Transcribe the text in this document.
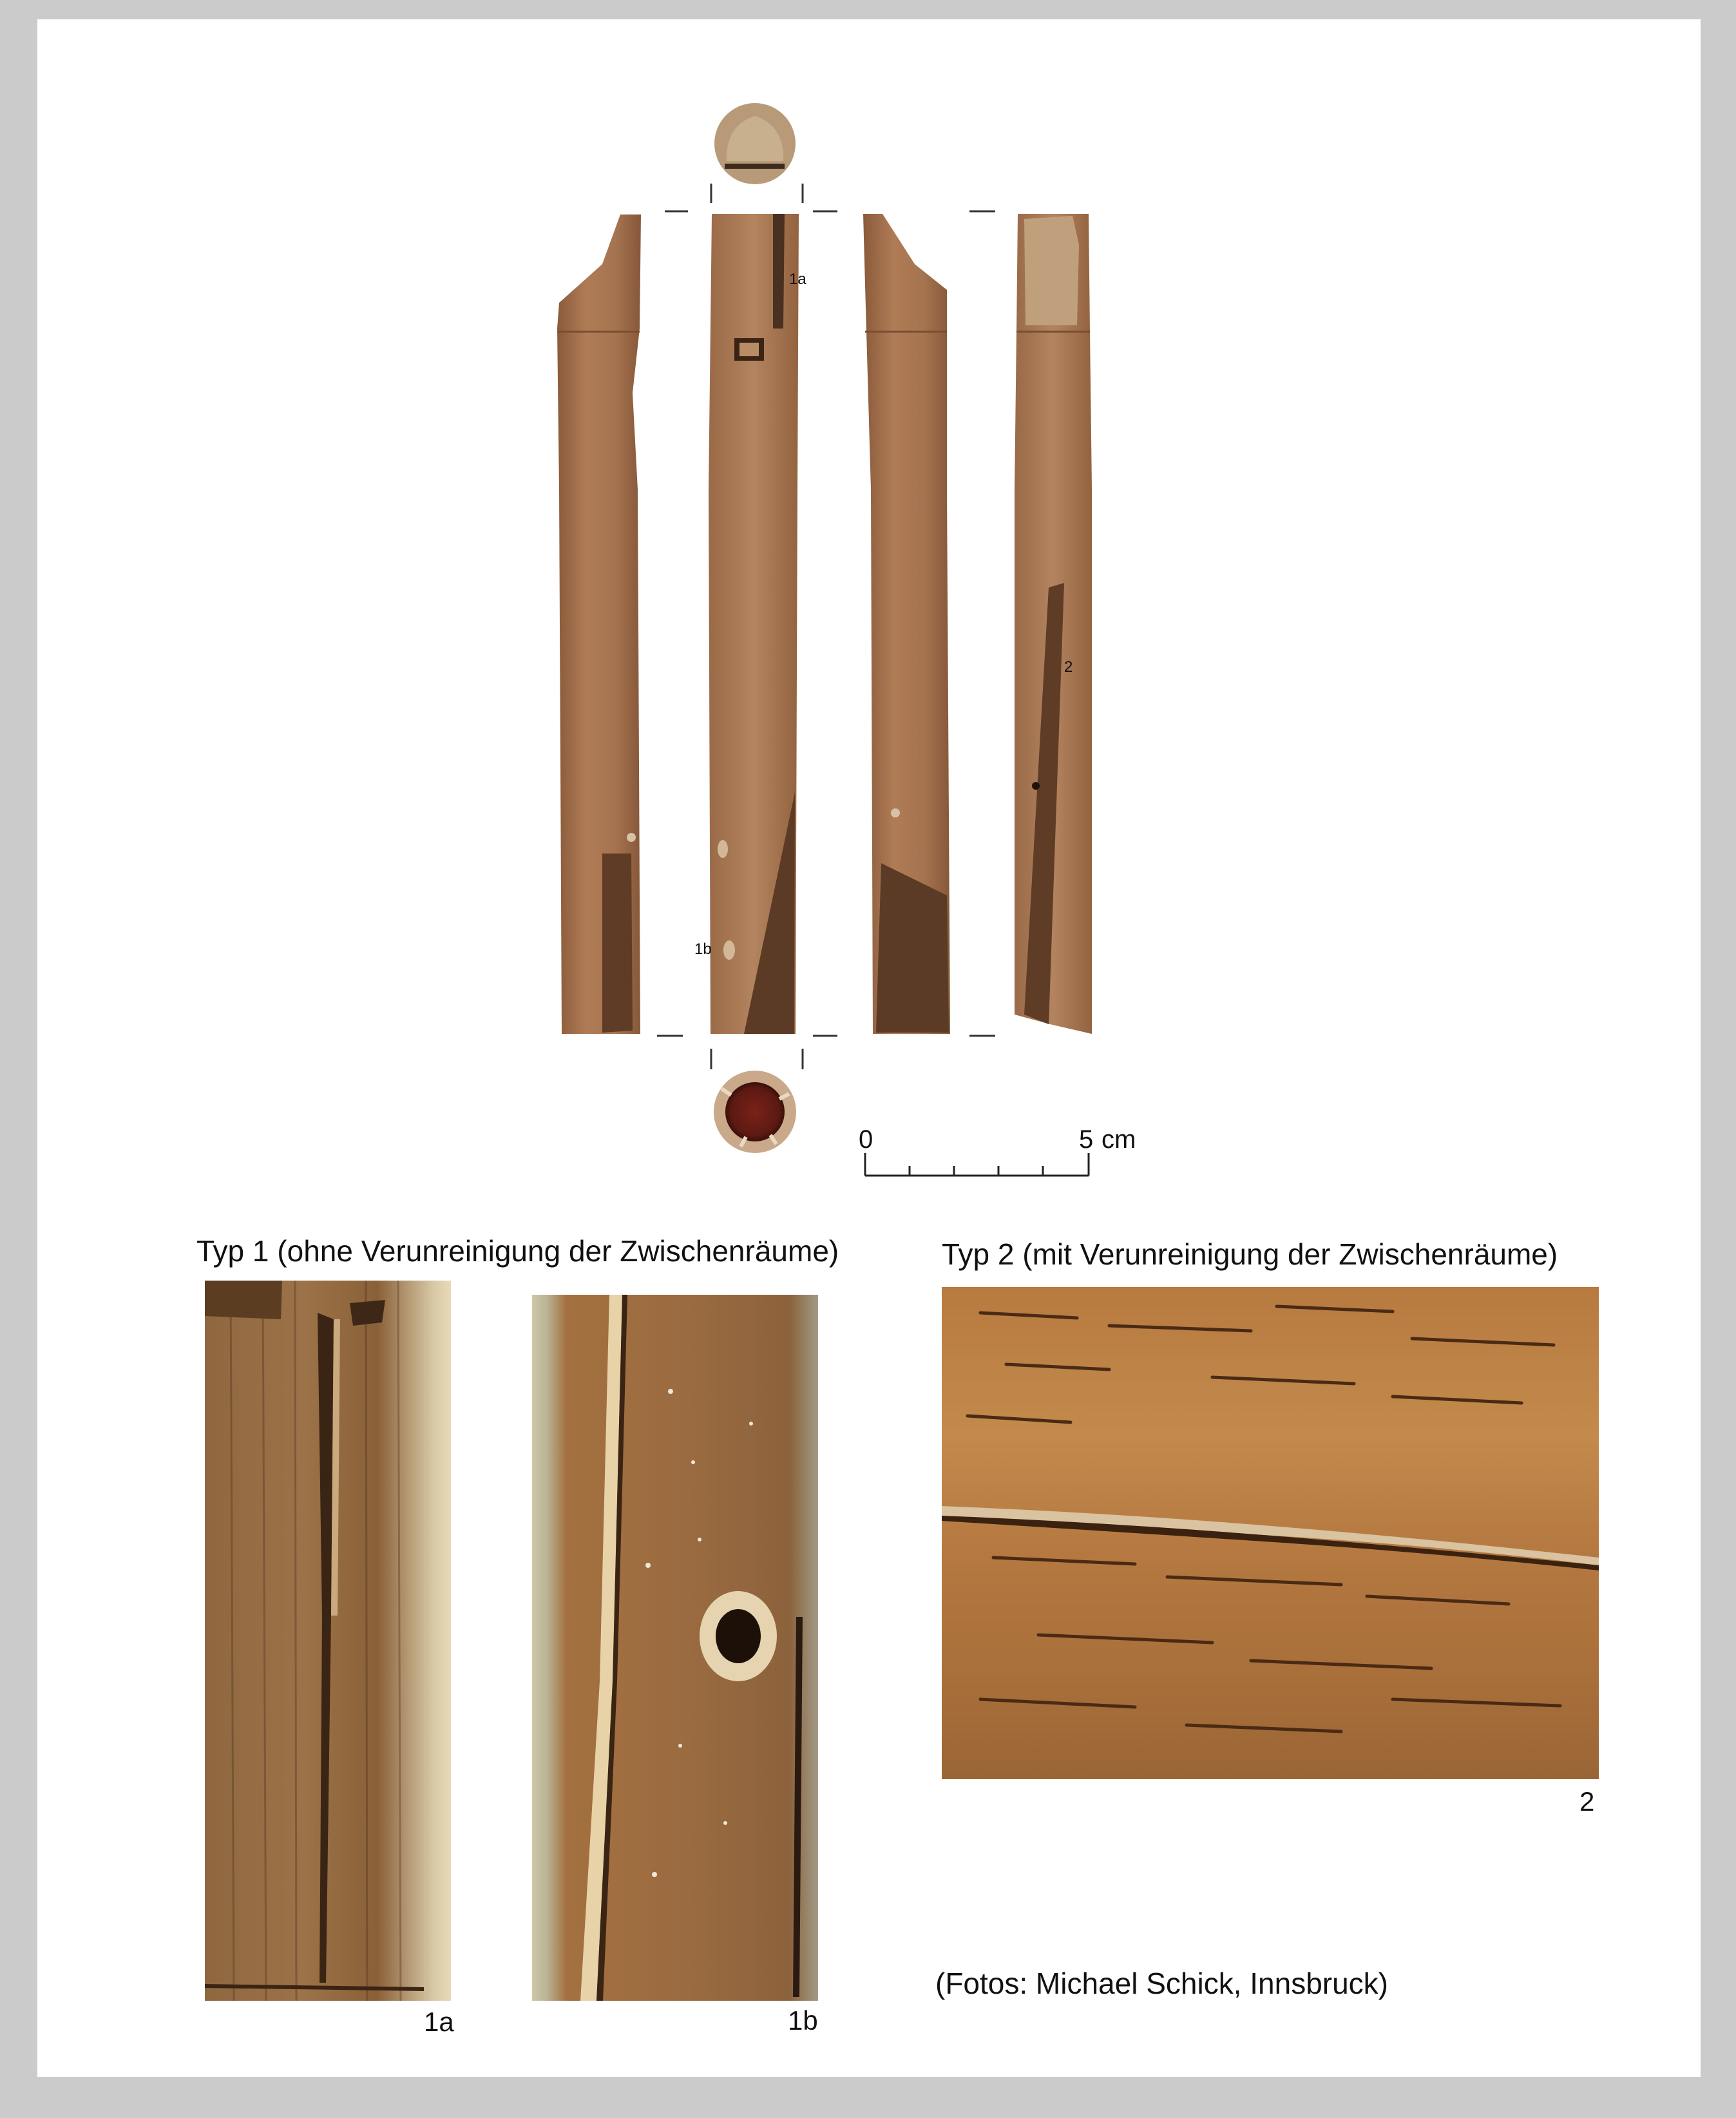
1a
1b
2
0	5 cm
Typ 1 (ohne Verunreinigung der Zwischenräume)	Typ 2 (mit Verunreinigung der Zwischenräume)
1a	1b
2
(Fotos: Michael Schick, Innsbruck)
